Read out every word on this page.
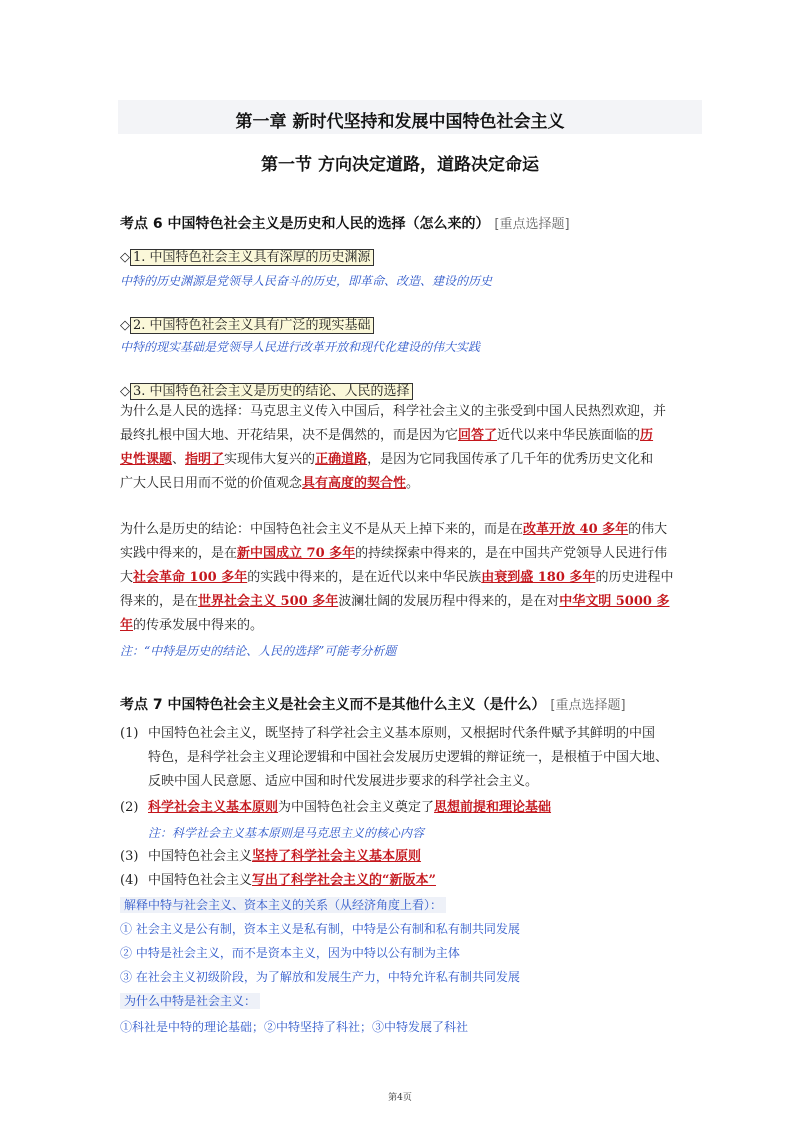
第一章 新时代坚持和发展中国特色社会主义
第一节 方向决定道路，道路决定命运
考点 6 中国特色社会主义是历史和人民的选择（怎么来的） [重点选择题]
◇ 1. 中国特色社会主义具有深厚的历史渊源
中特的历史渊源是党领导人民奋斗的历史，即革命、改造、建设的历史
◇ 2. 中国特色社会主义具有广泛的现实基础
中特的现实基础是党领导人民进行改革开放和现代化建设的伟大实践
◇ 3. 中国特色社会主义是历史的结论、人民的选择
为什么是人民的选择：马克思主义传入中国后，科学社会主义的主张受到中国人民热烈欢迎，并
最终扎根中国大地、开花结果，决不是偶然的，而是因为它回答了近代以来中华民族面临的历
史性课题、指明了实现伟大复兴的正确道路，是因为它同我国传承了几千年的优秀历史文化和
广大人民日用而不觉的价值观念具有高度的契合性。
为什么是历史的结论：中国特色社会主义不是从天上掉下来的，而是在改革开放 40 多年的伟大
实践中得来的，是在新中国成立 70 多年的持续探索中得来的，是在中国共产党领导人民进行伟
大社会革命 100 多年的实践中得来的，是在近代以来中华民族由衰到盛 180 多年的历史进程中
得来的，是在世界社会主义 500 多年波澜壮阔的发展历程中得来的，是在对中华文明 5000 多
年的传承发展中得来的。
注：“中特是历史的结论、人民的选择”可能考分析题
考点 7 中国特色社会主义是社会主义而不是其他什么主义（是什么） [重点选择题]
(1) 中国特色社会主义，既坚持了科学社会主义基本原则，又根据时代条件赋予其鲜明的中国
特色，是科学社会主义理论逻辑和中国社会发展历史逻辑的辩证统一，是根植于中国大地、
反映中国人民意愿、适应中国和时代发展进步要求的科学社会主义。
(2) 科学社会主义基本原则为中国特色社会主义奠定了思想前提和理论基础
注：科学社会主义基本原则是马克思主义的核心内容
(3) 中国特色社会主义坚持了科学社会主义基本原则
(4) 中国特色社会主义写出了科学社会主义的“新版本”
解释中特与社会主义、资本主义的关系（从经济角度上看）：
① 社会主义是公有制，资本主义是私有制，中特是公有制和私有制共同发展
② 中特是社会主义，而不是资本主义，因为中特以公有制为主体
③ 在社会主义初级阶段，为了解放和发展生产力，中特允许私有制共同发展
为什么中特是社会主义：
①科社是中特的理论基础；②中特坚持了科社；③中特发展了科社
第4页
